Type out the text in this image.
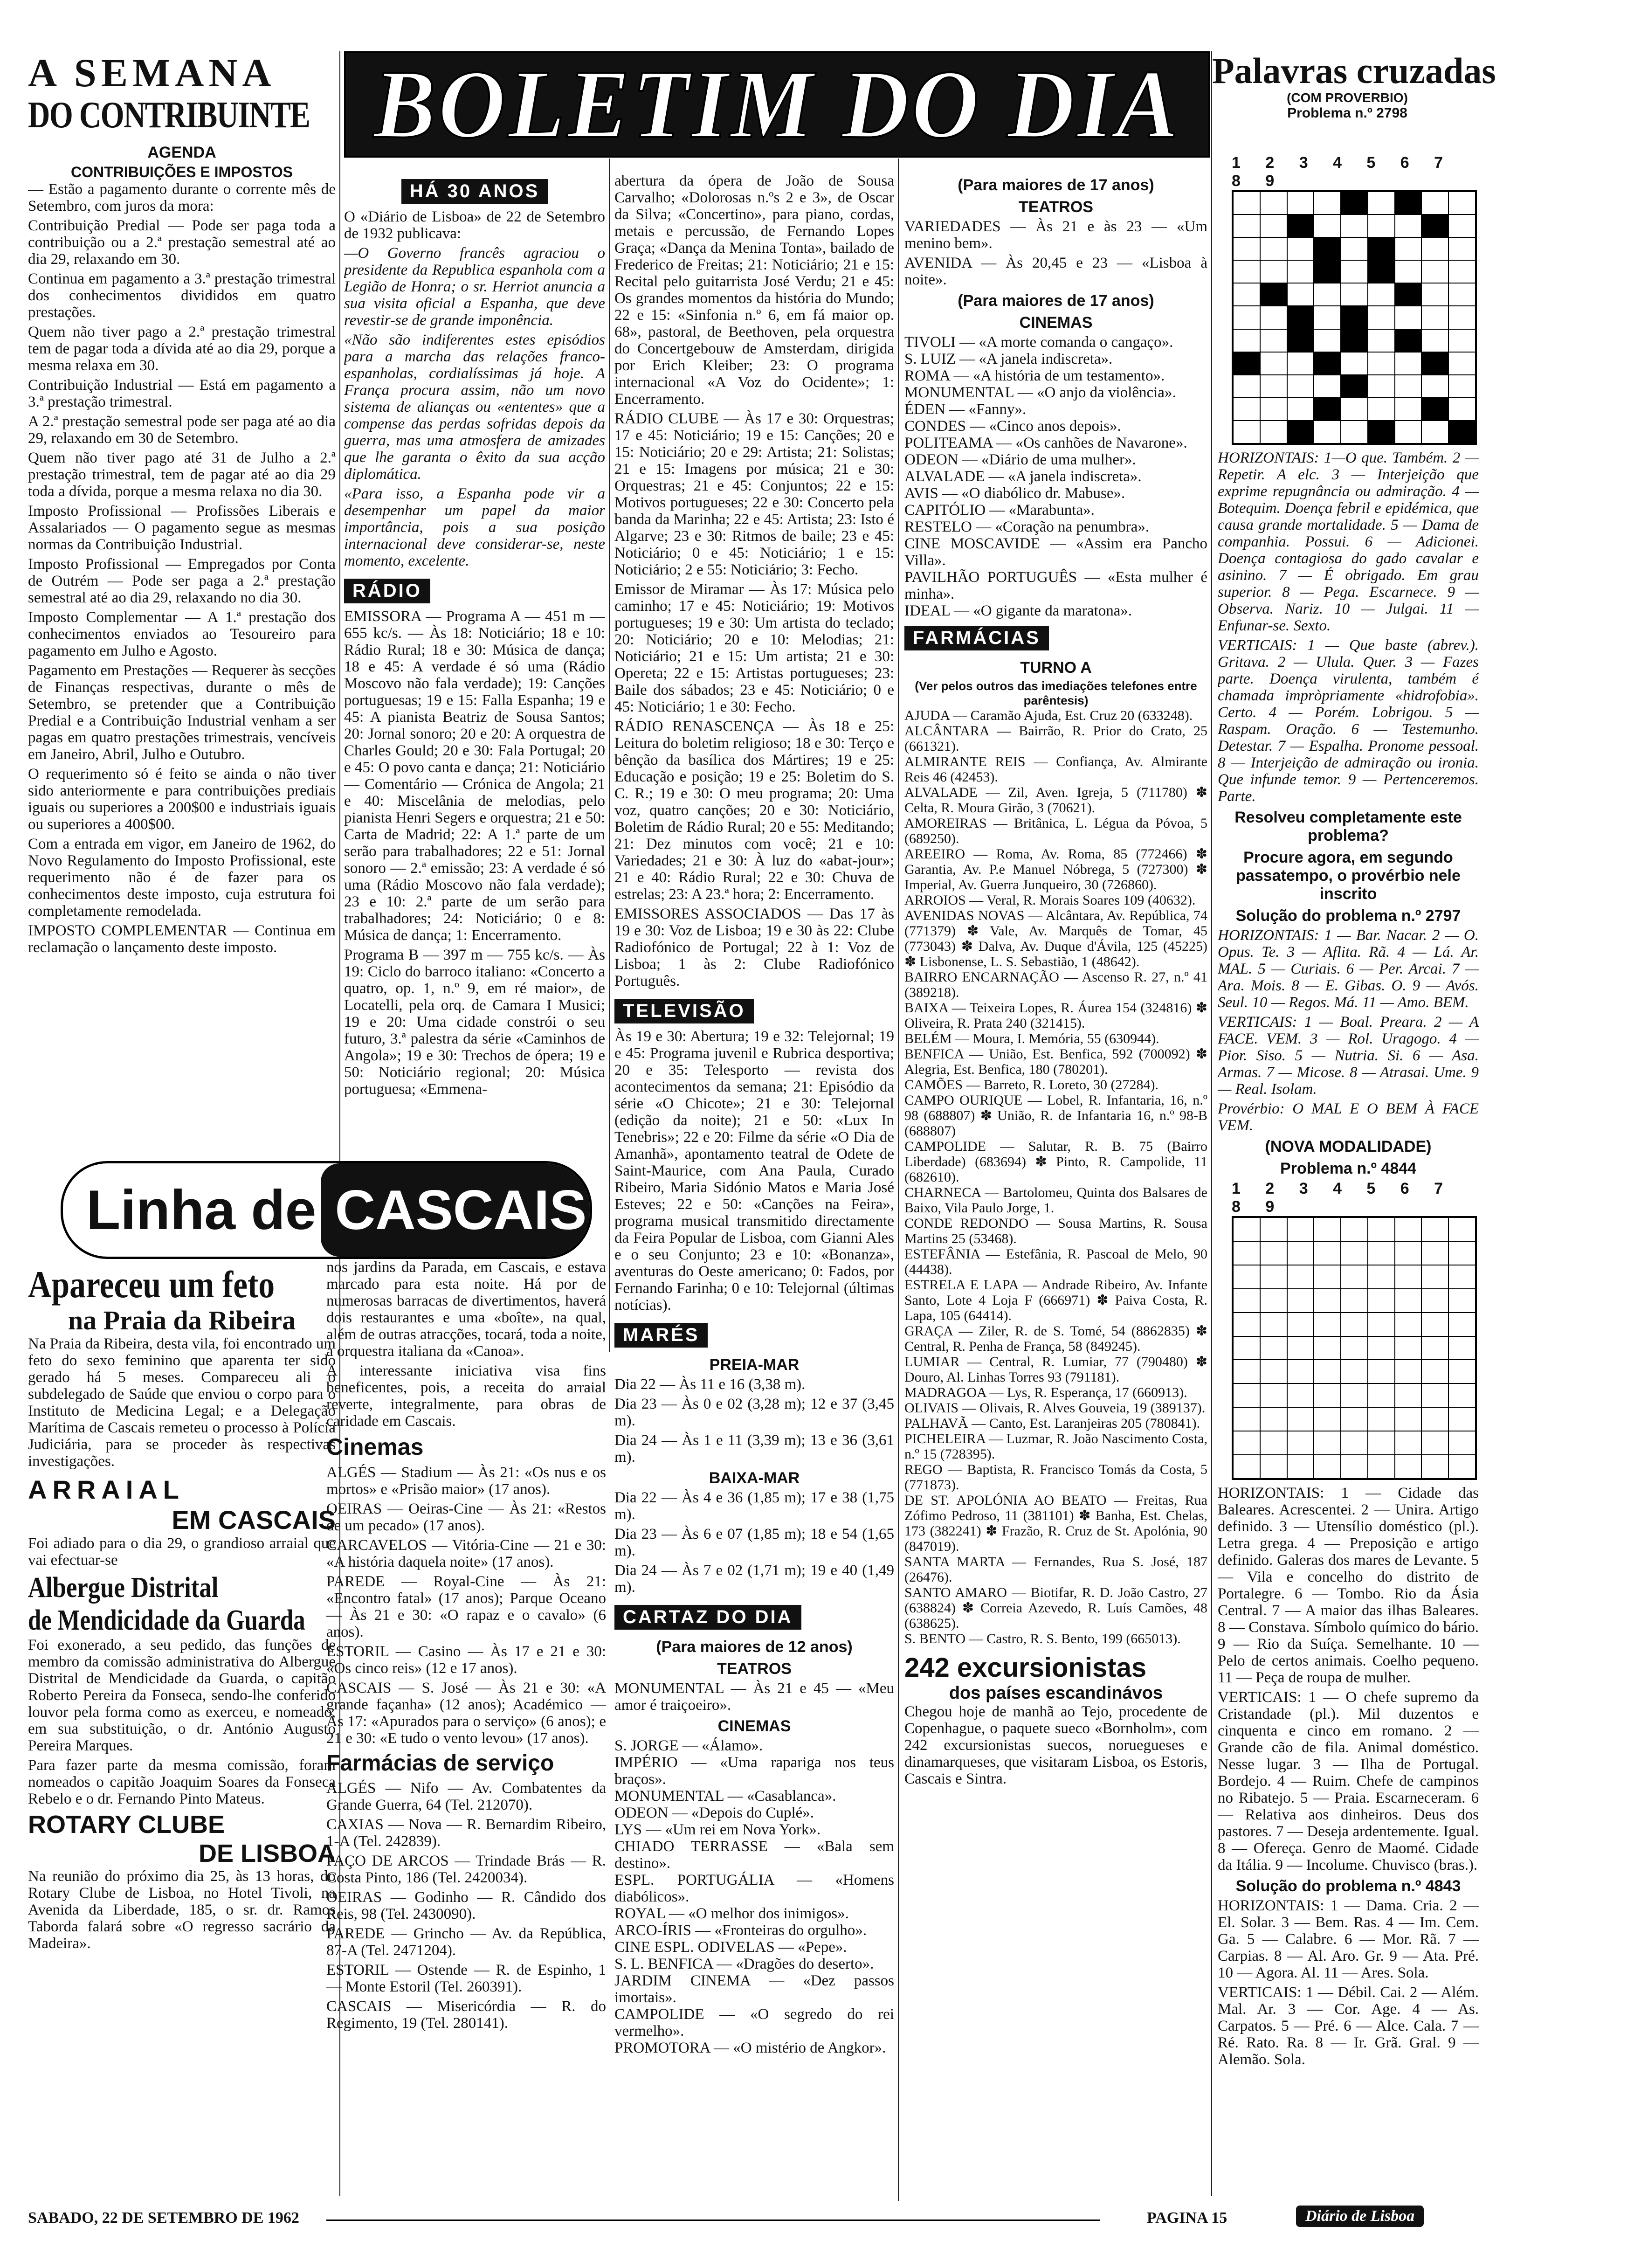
A SEMANA
DO CONTRIBUINTE BOLETIM DO DIA Palavras cruzadas
(COM PROVERBIO)
Problema n.º 2798
AGENDA
CONTRIBUIÇÕES E IMPOSTOS

— Estão a pagamento durante o corrente mês de Setembro, com juros da mora:

Contribuição Predial — Pode ser paga toda a contribuição ou a 2.ª prestação semestral até ao dia 29, relaxando em 30.

Continua em pagamento a 3.ª prestação trimestral dos conhecimentos divididos em quatro prestações.

Quem não tiver pago a 2.ª prestação trimestral tem de pagar toda a dívida até ao dia 29, porque a mesma relaxa em 30.

Contribuição Industrial — Está em pagamento a 3.ª prestação trimestral.

A 2.ª prestação semestral pode ser paga até ao dia 29, relaxando em 30 de Setembro.

Quem não tiver pago até 31 de Julho a 2.ª prestação trimestral, tem de pagar até ao dia 29 toda a dívida, porque a mesma relaxa no dia 30.

Imposto Profissional — Profissões Liberais e Assalariados — O pagamento segue as mesmas normas da Contribuição Industrial.

Imposto Profissional — Empregados por Conta de Outrém — Pode ser paga a 2.ª prestação semestral até ao dia 29, relaxando no dia 30.

Imposto Complementar — A 1.ª prestação dos conhecimentos enviados ao Tesoureiro para pagamento em Julho e Agosto.

Pagamento em Prestações — Requerer às secções de Finanças respectivas, durante o mês de Setembro, se pretender que a Contribuição Predial e a Contribuição Industrial venham a ser pagas em quatro prestações trimestrais, vencíveis em Janeiro, Abril, Julho e Outubro.

O requerimento só é feito se ainda o não tiver sido anteriormente e para contribuições prediais iguais ou superiores a 200$00 e industriais iguais ou superiores a 400$00.

Com a entrada em vigor, em Janeiro de 1962, do Novo Regulamento do Imposto Profissional, este requerimento não é de fazer para os conhecimentos deste imposto, cuja estrutura foi completamente remodelada.

IMPOSTO COMPLEMENTAR — Continua em reclamação o lançamento deste imposto.

Linha de CASCAIS
Apareceu um feto
na Praia da Ribeira

Na Praia da Ribeira, desta vila, foi encontrado um feto do sexo feminino que aparenta ter sido gerado há 5 meses. Compareceu ali o subdelegado de Saúde que enviou o corpo para o Instituto de Medicina Legal; e a Delegação Marítima de Cascais remeteu o processo à Polícia Judiciária, para se proceder às respectivas investigações.

ARRAIAL
EM CASCAIS

Foi adiado para o dia 29, o grandioso arraial que vai efectuar-se

Albergue Distrital
de Mendicidade da Guarda

Foi exonerado, a seu pedido, das funções de membro da comissão administrativa do Albergue Distrital de Mendicidade da Guarda, o capitão Roberto Pereira da Fonseca, sendo-lhe conferido louvor pela forma como as exerceu, e nomeado, em sua substituição, o dr. António Augusto Pereira Marques.

Para fazer parte da mesma comissão, foram nomeados o capitão Joaquim Soares da Fonseca Rebelo e o dr. Fernando Pinto Mateus.

ROTARY CLUBE
DE LISBOA

Na reunião do próximo dia 25, às 13 horas, do Rotary Clube de Lisboa, no Hotel Tivoli, na Avenida da Liberdade, 185, o sr. dr. Ramos Taborda falará sobre «O regresso sacrário da Madeira».

HÁ 30 ANOS

O «Diário de Lisboa» de 22 de Setembro de 1932 publicava:

—O Governo francês agraciou o presidente da Republica espanhola com a Legião de Honra; o sr. Herriot anuncia a sua visita oficial a Espanha, que deve revestir-se de grande imponência.

«Não são indiferentes estes episódios para a marcha das relações franco-espanholas, cordialíssimas já hoje. A França procura assim, não um novo sistema de alianças ou «ententes» que a compense das perdas sofridas depois da guerra, mas uma atmosfera de amizades que lhe garanta o êxito da sua acção diplomática.

«Para isso, a Espanha pode vir a desempenhar um papel da maior importância, pois a sua posição internacional deve considerar-se, neste momento, excelente.

RÁDIO

EMISSORA — Programa A — 451 m — 655 kc/s. — Às 18: Noticiário; 18 e 10: Rádio Rural; 18 e 30: Música de dança; 18 e 45: A verdade é só uma (Rádio Moscovo não fala verdade); 19: Canções portuguesas; 19 e 15: Falla Espanha; 19 e 45: A pianista Beatriz de Sousa Santos; 20: Jornal sonoro; 20 e 20: A orquestra de Charles Gould; 20 e 30: Fala Portugal; 20 e 45: O povo canta e dança; 21: Noticiário — Comentário — Crónica de Angola; 21 e 40: Miscelânia de melodias, pelo pianista Henri Segers e orquestra; 21 e 50: Carta de Madrid; 22: A 1.ª parte de um serão para trabalhadores; 22 e 51: Jornal sonoro — 2.ª emissão; 23: A verdade é só uma (Rádio Moscovo não fala verdade); 23 e 10: 2.ª parte de um serão para trabalhadores; 24: Noticiário; 0 e 8: Música de dança; 1: Encerramento.

Programa B — 397 m — 755 kc/s. — Às 19: Ciclo do barroco italiano: «Concerto a quatro, op. 1, n.º 9, em ré maior», de Locatelli, pela orq. de Camara I Musici; 19 e 20: Uma cidade constrói o seu futuro, 3.ª palestra da série «Caminhos de Angola»; 19 e 30: Trechos de ópera; 19 e 50: Noticiário regional; 20: Música portuguesa; «Emmena-

nos jardins da Parada, em Cascais, e estava marcado para esta noite. Há por de numerosas barracas de divertimentos, haverá dois restaurantes e uma «boîte», na qual, além de outras atracções, tocará, toda a noite, a orquestra italiana da «Canoa».

A interessante iniciativa visa fins beneficentes, pois, a receita do arraial reverte, integralmente, para obras de caridade em Cascais.

Cinemas

ALGÉS — Stadium — Às 21: «Os nus e os mortos» e «Prisão maior» (17 anos).

OEIRAS — Oeiras-Cine — Às 21: «Restos de um pecado» (17 anos).

CARCAVELOS — Vitória-Cine — 21 e 30: «A história daquela noite» (17 anos).

PAREDE — Royal-Cine — Às 21: «Encontro fatal» (17 anos); Parque Oceano — Às 21 e 30: «O rapaz e o cavalo» (6 anos).

ESTORIL — Casino — Às 17 e 21 e 30: «Os cinco reis» (12 e 17 anos).

CASCAIS — S. José — Às 21 e 30: «A grande façanha» (12 anos); Académico — Às 17: «Apurados para o serviço» (6 anos); e 21 e 30: «E tudo o vento levou» (17 anos).

Farmácias de serviço

ALGÉS — Nifo — Av. Combatentes da Grande Guerra, 64 (Tel. 212070).

CAXIAS — Nova — R. Bernardim Ribeiro, 1-A (Tel. 242839).

PAÇO DE ARCOS — Trindade Brás — R. Costa Pinto, 186 (Tel. 2420034).

OEIRAS — Godinho — R. Cândido dos Reis, 98 (Tel. 2430090).

PAREDE — Grincho — Av. da República, 87-A (Tel. 2471204).

ESTORIL — Ostende — R. de Espinho, 1 — Monte Estoril (Tel. 260391).

CASCAIS — Misericórdia — R. do Regimento, 19 (Tel. 280141).

abertura da ópera de João de Sousa Carvalho; «Dolorosas n.ºs 2 e 3», de Oscar da Silva; «Concertino», para piano, cordas, metais e percussão, de Fernando Lopes Graça; «Dança da Menina Tonta», bailado de Frederico de Freitas; 21: Noticiário; 21 e 15: Recital pelo guitarrista José Verdu; 21 e 45: Os grandes momentos da história do Mundo; 22 e 15: «Sinfonia n.º 6, em fá maior op. 68», pastoral, de Beethoven, pela orquestra do Concertgebouw de Amsterdam, dirigida por Erich Kleiber; 23: O programa internacional «A Voz do Ocidente»; 1: Encerramento.

RÁDIO CLUBE — Às 17 e 30: Orquestras; 17 e 45: Noticiário; 19 e 15: Canções; 20 e 15: Noticiário; 20 e 29: Artista; 21: Solistas; 21 e 15: Imagens por música; 21 e 30: Orquestras; 21 e 45: Conjuntos; 22 e 15: Motivos portugueses; 22 e 30: Concerto pela banda da Marinha; 22 e 45: Artista; 23: Isto é Algarve; 23 e 30: Ritmos de baile; 23 e 45: Noticiário; 0 e 45: Noticiário; 1 e 15: Noticiário; 2 e 55: Noticiário; 3: Fecho.

Emissor de Miramar — Às 17: Música pelo caminho; 17 e 45: Noticiário; 19: Motivos portugueses; 19 e 30: Um artista do teclado; 20: Noticiário; 20 e 10: Melodias; 21: Noticiário; 21 e 15: Um artista; 21 e 30: Opereta; 22 e 15: Artistas portugueses; 23: Baile dos sábados; 23 e 45: Noticiário; 0 e 45: Noticiário; 1 e 30: Fecho.

RÁDIO RENASCENÇA — Às 18 e 25: Leitura do boletim religioso; 18 e 30: Terço e bênção da basílica dos Mártires; 19 e 25: Educação e posição; 19 e 25: Boletim do S. C. R.; 19 e 30: O meu programa; 20: Uma voz, quatro canções; 20 e 30: Noticiário, Boletim de Rádio Rural; 20 e 55: Meditando; 21: Dez minutos com você; 21 e 10: Variedades; 21 e 30: À luz do «abat-jour»; 21 e 40: Rádio Rural; 22 e 30: Chuva de estrelas; 23: A 23.ª hora; 2: Encerramento.

EMISSORES ASSOCIADOS — Das 17 às 19 e 30: Voz de Lisboa; 19 e 30 às 22: Clube Radiofónico de Portugal; 22 à 1: Voz de Lisboa; 1 às 2: Clube Radiofónico Português.

TELEVISÃO

Às 19 e 30: Abertura; 19 e 32: Telejornal; 19 e 45: Programa juvenil e Rubrica desportiva; 20 e 35: Telesporto — revista dos acontecimentos da semana; 21: Episódio da série «O Chicote»; 21 e 30: Telejornal (edição da noite); 21 e 50: «Lux In Tenebris»; 22 e 20: Filme da série «O Dia de Amanhã», apontamento teatral de Odete de Saint-Maurice, com Ana Paula, Curado Ribeiro, Maria Sidónio Matos e Maria José Esteves; 22 e 50: «Canções na Feira», programa musical transmitido directamente da Feira Popular de Lisboa, com Gianni Ales e o seu Conjunto; 23 e 10: «Bonanza», aventuras do Oeste americano; 0: Fados, por Fernando Farinha; 0 e 10: Telejornal (últimas notícias).

MARÉS
PREIA-MAR

Dia 22 — Às 11 e 16 (3,38 m).

Dia 23 — Às 0 e 02 (3,28 m); 12 e 37 (3,45 m).

Dia 24 — Às 1 e 11 (3,39 m); 13 e 36 (3,61 m).

BAIXA-MAR

Dia 22 — Às 4 e 36 (1,85 m); 17 e 38 (1,75 m).

Dia 23 — Às 6 e 07 (1,85 m); 18 e 54 (1,65 m).

Dia 24 — Às 7 e 02 (1,71 m); 19 e 40 (1,49 m).

CARTAZ DO DIA
(Para maiores de 12 anos)
TEATROS

MONUMENTAL — Às 21 e 45 — «Meu amor é traiçoeiro».

CINEMAS

S. JORGE — «Álamo».

IMPÉRIO — «Uma rapariga nos teus braços».

MONUMENTAL — «Casablanca».

ODEON — «Depois do Cuplé».

LYS — «Um rei em Nova York».

CHIADO TERRASSE — «Bala sem destino».

ESPL. PORTUGÁLIA — «Homens diabólicos».

ROYAL — «O melhor dos inimigos».

ARCO-ÍRIS — «Fronteiras do orgulho».

CINE ESPL. ODIVELAS — «Pepe».

S. L. BENFICA — «Dragões do deserto».

JARDIM CINEMA — «Dez passos imortais».

CAMPOLIDE — «O segredo do rei vermelho».

PROMOTORA — «O mistério de Angkor».

(Para maiores de 17 anos)
TEATROS

VARIEDADES — Às 21 e às 23 — «Um menino bem».

AVENIDA — Às 20,45 e 23 — «Lisboa à noite».

(Para maiores de 17 anos)
CINEMAS

TIVOLI — «A morte comanda o cangaço».

S. LUIZ — «A janela indiscreta».

ROMA — «A história de um testamento».

MONUMENTAL — «O anjo da violência».

ÉDEN — «Fanny».

CONDES — «Cinco anos depois».

POLITEAMA — «Os canhões de Navarone».

ODEON — «Diário de uma mulher».

ALVALADE — «A janela indiscreta».

AVIS — «O diabólico dr. Mabuse».

CAPITÓLIO — «Marabunta».

RESTELO — «Coração na penumbra».

CINE MOSCAVIDE — «Assim era Pancho Villa».

PAVILHÃO PORTUGUÊS — «Esta mulher é minha».

IDEAL — «O gigante da maratona».

FARMÁCIAS
TURNO A
(Ver pelos outros das imediações telefones entre parêntesis)

AJUDA — Caramão Ajuda, Est. Cruz 20 (633248).

ALCÂNTARA — Bairrão, R. Prior do Crato, 25 (661321).

ALMIRANTE REIS — Confiança, Av. Almirante Reis 46 (42453).

ALVALADE — Zil, Aven. Igreja, 5 (711780) ✽ Celta, R. Moura Girão, 3 (70621).

AMOREIRAS — Britânica, L. Légua da Póvoa, 5 (689250).

AREEIRO — Roma, Av. Roma, 85 (772466) ✽ Garantia, Av. P.e Manuel Nóbrega, 5 (727300) ✽ Imperial, Av. Guerra Junqueiro, 30 (726860).

ARROIOS — Veral, R. Morais Soares 109 (40632).

AVENIDAS NOVAS — Alcântara, Av. República, 74 (771379) ✽ Vale, Av. Marquês de Tomar, 45 (773043) ✽ Dalva, Av. Duque d'Ávila, 125 (45225) ✽ Lisbonense, L. S. Sebastião, 1 (48642).

BAIRRO ENCARNAÇÃO — Ascenso R. 27, n.º 41 (389218).

BAIXA — Teixeira Lopes, R. Áurea 154 (324816) ✽ Oliveira, R. Prata 240 (321415).

BELÉM — Moura, I. Memória, 55 (630944).

BENFICA — União, Est. Benfica, 592 (700092) ✽ Alegria, Est. Benfica, 180 (780201).

CAMÕES — Barreto, R. Loreto, 30 (27284).

CAMPO OURIQUE — Lobel, R. Infantaria, 16, n.º 98 (688807) ✽ União, R. de Infantaria 16, n.º 98-B (688807)

CAMPOLIDE — Salutar, R. B. 75 (Bairro Liberdade) (683694) ✽ Pinto, R. Campolide, 11 (682610).

CHARNECA — Bartolomeu, Quinta dos Balsares de Baixo, Vila Paulo Jorge, 1.

CONDE REDONDO — Sousa Martins, R. Sousa Martins 25 (53468).

ESTEFÂNIA — Estefânia, R. Pascoal de Melo, 90 (44438).

ESTRELA E LAPA — Andrade Ribeiro, Av. Infante Santo, Lote 4 Loja F (666971) ✽ Paiva Costa, R. Lapa, 105 (64414).

GRAÇA — Ziler, R. de S. Tomé, 54 (8862835) ✽ Central, R. Penha de França, 58 (849245).

LUMIAR — Central, R. Lumiar, 77 (790480) ✽ Douro, Al. Linhas Torres 93 (791181).

MADRAGOA — Lys, R. Esperança, 17 (660913).

OLIVAIS — Olivais, R. Alves Gouveia, 19 (389137).

PALHAVÃ — Canto, Est. Laranjeiras 205 (780841).

PICHELEIRA — Luzmar, R. João Nascimento Costa, n.º 15 (728395).

REGO — Baptista, R. Francisco Tomás da Costa, 5 (771873).

DE ST. APOLÓNIA AO BEATO — Freitas, Rua Zófimo Pedroso, 11 (381101) ✽ Banha, Est. Chelas, 173 (382241) ✽ Frazão, R. Cruz de St. Apolónia, 90 (847019).

SANTA MARTA — Fernandes, Rua S. José, 187 (26476).

SANTO AMARO — Biotifar, R. D. João Castro, 27 (638824) ✽ Correia Azevedo, R. Luís Camões, 48 (638625).

S. BENTO — Castro, R. S. Bento, 199 (665013).

242 excursionistas
dos países escandinávos

Chegou hoje de manhã ao Tejo, procedente de Copenhague, o paquete sueco «Bornholm», com 242 excursionistas suecos, noruegueses e dinamarqueses, que visitaram Lisboa, os Estoris, Cascais e Sintra.

1 2 3 4 5 6 7 8 9

HORIZONTAIS: 1—O que. Também. 2 — Repetir. A elc. 3 — Interjeição que exprime repugnância ou admiração. 4 — Botequim. Doença febril e epidémica, que causa grande mortalidade. 5 — Dama de companhia. Possui. 6 — Adicionei. Doença contagiosa do gado cavalar e asinino. 7 — É obrigado. Em grau superior. 8 — Pega. Escarnece. 9 — Observa. Nariz. 10 — Julgai. 11 — Enfunar-se. Sexto.

VERTICAIS: 1 — Que baste (abrev.). Gritava. 2 — Ulula. Quer. 3 — Fazes parte. Doença virulenta, também é chamada impròpriamente «hidrofobia». Certo. 4 — Porém. Lobrigou. 5 — Raspam. Oração. 6 — Testemunho. Detestar. 7 — Espalha. Pronome pessoal. 8 — Interjeição de admiração ou ironia. Que infunde temor. 9 — Pertenceremos. Parte.

Resolveu completamente este problema?
Procure agora, em segundo passatempo, o provérbio nele inscrito
Solução do problema n.º 2797

HORIZONTAIS: 1 — Bar. Nacar. 2 — O. Opus. Te. 3 — Aflita. Rã. 4 — Lá. Ar. MAL. 5 — Curiais. 6 — Per. Arcai. 7 — Ara. Mois. 8 — E. Gibas. O. 9 — Avós. Seul. 10 — Regos. Má. 11 — Amo. BEM.

VERTICAIS: 1 — Boal. Preara. 2 — A FACE. VEM. 3 — Rol. Uragogo. 4 — Pior. Siso. 5 — Nutria. Si. 6 — Asa. Armas. 7 — Micose. 8 — Atrasai. Ume. 9 — Real. Isolam.

Provérbio: O MAL E O BEM À FACE VEM.

(NOVA MODALIDADE)
Problema n.º 4844
1 2 3 4 5 6 7 8 9

HORIZONTAIS: 1 — Cidade das Baleares. Acrescentei. 2 — Unira. Artigo definido. 3 — Utensílio doméstico (pl.). Letra grega. 4 — Preposição e artigo definido. Galeras dos mares de Levante. 5 — Vila e concelho do distrito de Portalegre. 6 — Tombo. Rio da Ásia Central. 7 — A maior das ilhas Baleares. 8 — Constava. Símbolo químico do bário. 9 — Rio da Suíça. Semelhante. 10 — Pelo de certos animais. Coelho pequeno. 11 — Peça de roupa de mulher.

VERTICAIS: 1 — O chefe supremo da Cristandade (pl.). Mil duzentos e cinquenta e cinco em romano. 2 — Grande cão de fila. Animal doméstico. Nesse lugar. 3 — Ilha de Portugal. Bordejo. 4 — Ruim. Chefe de campinos no Ribatejo. 5 — Praia. Escarneceram. 6 — Relativa aos dinheiros. Deus dos pastores. 7 — Deseja ardentemente. Igual. 8 — Ofereça. Genro de Maomé. Cidade da Itália. 9 — Incolume. Chuvisco (bras.).

Solução do problema n.º 4843

HORIZONTAIS: 1 — Dama. Cria. 2 — El. Solar. 3 — Bem. Ras. 4 — Im. Cem. Ga. 5 — Calabre. 6 — Mor. Rã. 7 — Carpias. 8 — Al. Aro. Gr. 9 — Ata. Pré. 10 — Agora. Al. 11 — Ares. Sola.

VERTICAIS: 1 — Débil. Cai. 2 — Além. Mal. Ar. 3 — Cor. Age. 4 — As. Carpatos. 5 — Pré. 6 — Alce. Cala. 7 — Ré. Rato. Ra. 8 — Ir. Grã. Gral. 9 — Alemão. Sola.

SABADO, 22 DE SETEMBRO DE 1962	PAGINA 15	Diário de Lisboa
